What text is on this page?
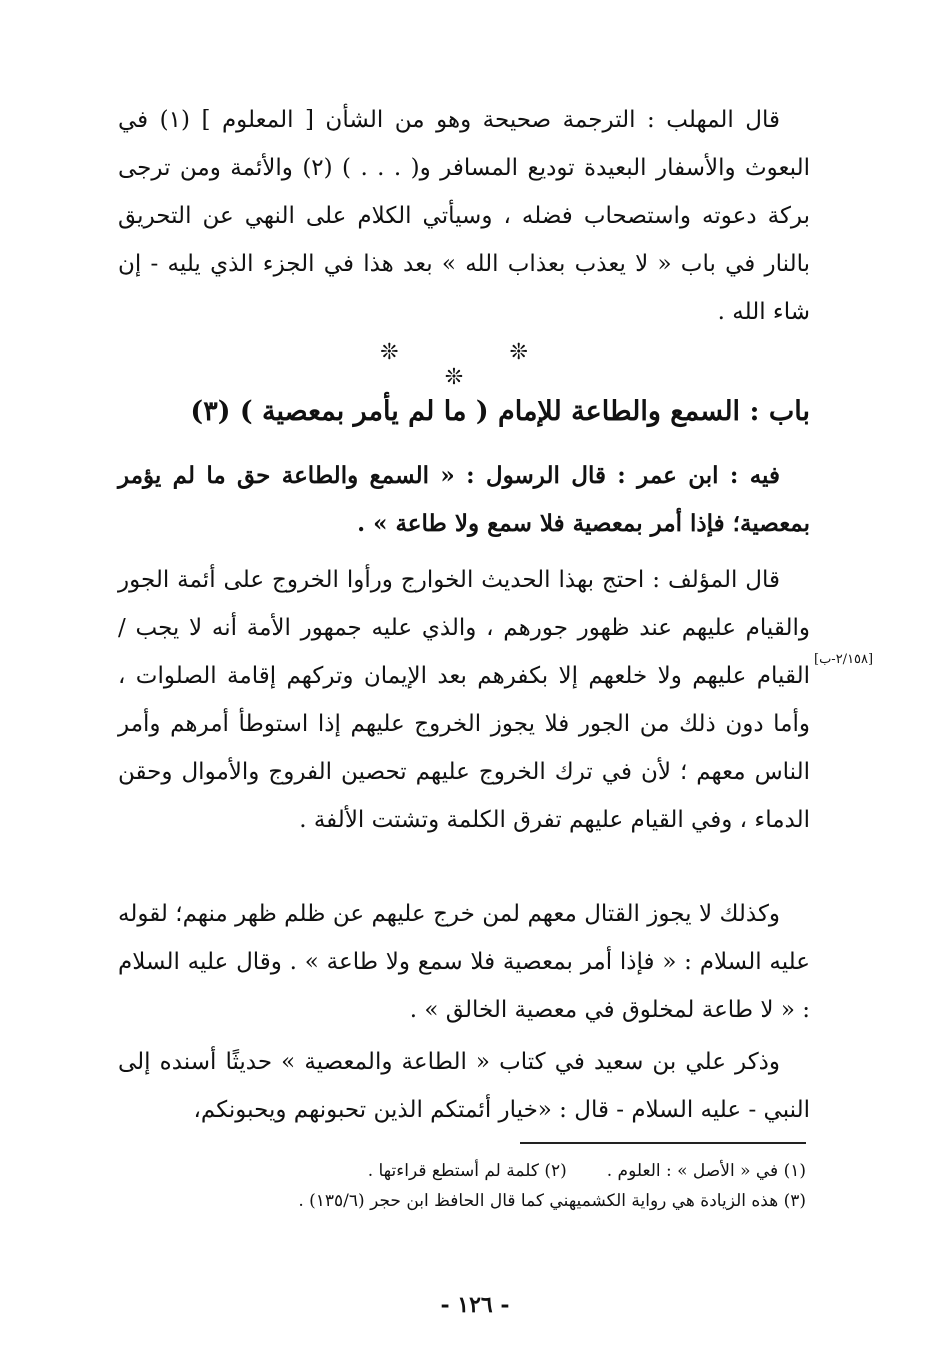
قال المهلب : الترجمة صحيحة وهو من الشأن [ المعلوم ] (١) في البعوث والأسفار البعيدة توديع المسافر و( . . . ) (٢) والأئمة ومن ترجى بركة دعوته واستصحاب فضله ، وسيأتي الكلام على النهي عن التحريق بالنار في باب « لا يعذب بعذاب الله » بعد هذا في الجزء الذي يليه - إن شاء الله .

❊ ❊ ❊
باب : السمع والطاعة للإمام ( ما لم يأمر بمعصية ) (٣)

فيه : ابن عمر : قال الرسول : « السمع والطاعة حق ما لم يؤمر بمعصية؛ فإذا أمر بمعصية فلا سمع ولا طاعة » .

قال المؤلف : احتج بهذا الحديث الخوارج ورأوا الخروج على أئمة الجور والقيام عليهم عند ظهور جورهم ، والذي عليه جمهور الأمة أنه لا يجب / القيام عليهم ولا خلعهم إلا بكفرهم بعد الإيمان وتركهم إقامة الصلوات ، وأما دون ذلك من الجور فلا يجوز الخروج عليهم إذا استوطأ أمرهم وأمر الناس معهم ؛ لأن في ترك الخروج عليهم تحصين الفروج والأموال وحقن الدماء ، وفي القيام عليهم تفرق الكلمة وتشتت الألفة .

[٢/١٥٨-ب]

وكذلك لا يجوز القتال معهم لمن خرج عليهم عن ظلم ظهر منهم؛ لقوله عليه السلام : « فإذا أمر بمعصية فلا سمع ولا طاعة » . وقال عليه السلام : « لا طاعة لمخلوق في معصية الخالق » .

وذكر علي بن سعيد في كتاب « الطاعة والمعصية » حديثًا أسنده إلى النبي - عليه السلام - قال : «خيار أئمتكم الذين تحبونهم ويحبونكم،

(١) في « الأصل » : العلوم .(٢) كلمة لم أستطع قراءتها .
(٣) هذه الزيادة هي رواية الكشميهني كما قال الحافظ ابن حجر (١٣٥/٦) .
- ١٢٦ -
